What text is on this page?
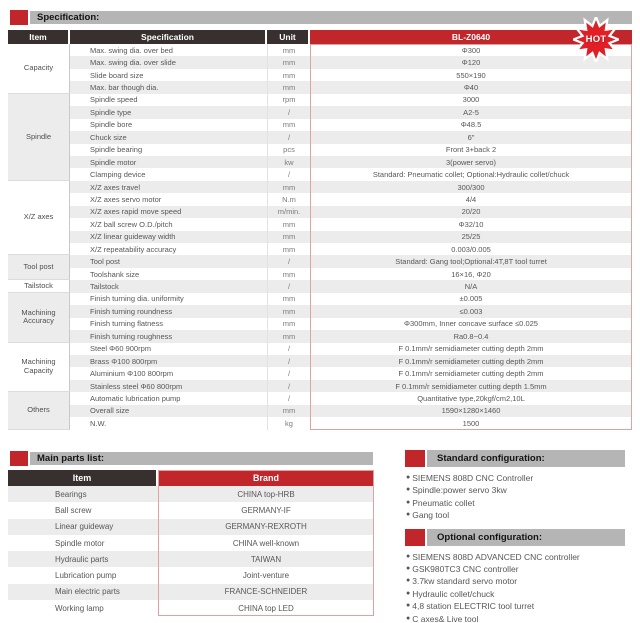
Specification:
Item	Specification	Unit	BL-Z0640
Capacity
Max. swing dia. over bed	mm	Φ300
Max. swing dia. over slide	mm	Φ120
Slide board size	mm	550×190
Max. bar though dia.	mm	Φ40
Spindle
Spindle speed	rpm	3000
Spindle type	/	A2-5
Spindle bore	mm	Φ48.5
Chuck size	/	6"
Spindle bearing	pcs	Front 3+back 2
Spindle motor	kw	3(power servo)
Clamping device	/	Standard: Pneumatic collet; Optional:Hydraulic collet/chuck
X/Z axes
X/Z axes travel	mm	300/300
X/Z axes servo motor	N.m	4/4
X/Z axes rapid move speed	m/min.	20/20
X/Z ball screw O.D./pitch	mm	Φ32/10
X/Z linear guideway width	mm	25/25
X/Z repeatability accuracy	mm	0.003/0.005
Tool post
Tool post	/	Standard: Gang tool;Optional:4T,8T tool turret
Toolshank size	mm	16×16, Φ20
Tailstock	Tailstock	/	N/A
Machining Accuracy
Finish turning dia. uniformity	mm	±0.005
Finish turning roundness	mm	≤0.003
Finish turning flatness	mm	Φ300mm, Inner concave surface ≤0.025
Finish turning roughness	mm	Ra0.8~0.4
Machining Capacity
Steel Φ60 900rpm	/	F 0.1mm/r semidiameter cutting depth 2mm
Brass Φ100 800rpm	/	F 0.1mm/r semidiameter cutting depth 2mm
Aluminium Φ100 800rpm	/	F 0.1mm/r semidiameter cutting depth 2mm
Stainless steel Φ60 800rpm	/	F 0.1mm/r semidiameter cutting depth 1.5mm
Others
Automatic lubrication pump	/	Quantitative type,20kgf/cm2,10L
Overall size	mm	1590×1280×1460
N.W.	kg	1500
HOT
Main parts list:
Item	Brand
Bearings	CHINA top-HRB
Ball screw	GERMANY-IF
Linear guideway	GERMANY-REXROTH
Spindle motor	CHINA well-known
Hydraulic parts	TAIWAN
Lubrication pump	Joint-venture
Main electric parts	FRANCE-SCHNEIDER
Working lamp	CHINA top LED
Standard configuration:
● SIEMENS 808D CNC Controller
● Spindle:power servo 3kw
● Pneumatic collet
● Gang tool
Optional configuration:
● SIEMENS 808D ADVANCED CNC controller
● GSK980TC3 CNC controller
● 3.7kw standard servo motor
● Hydraulic collet/chuck
● 4,8 station ELECTRIC tool turret
● C axes& Live tool
